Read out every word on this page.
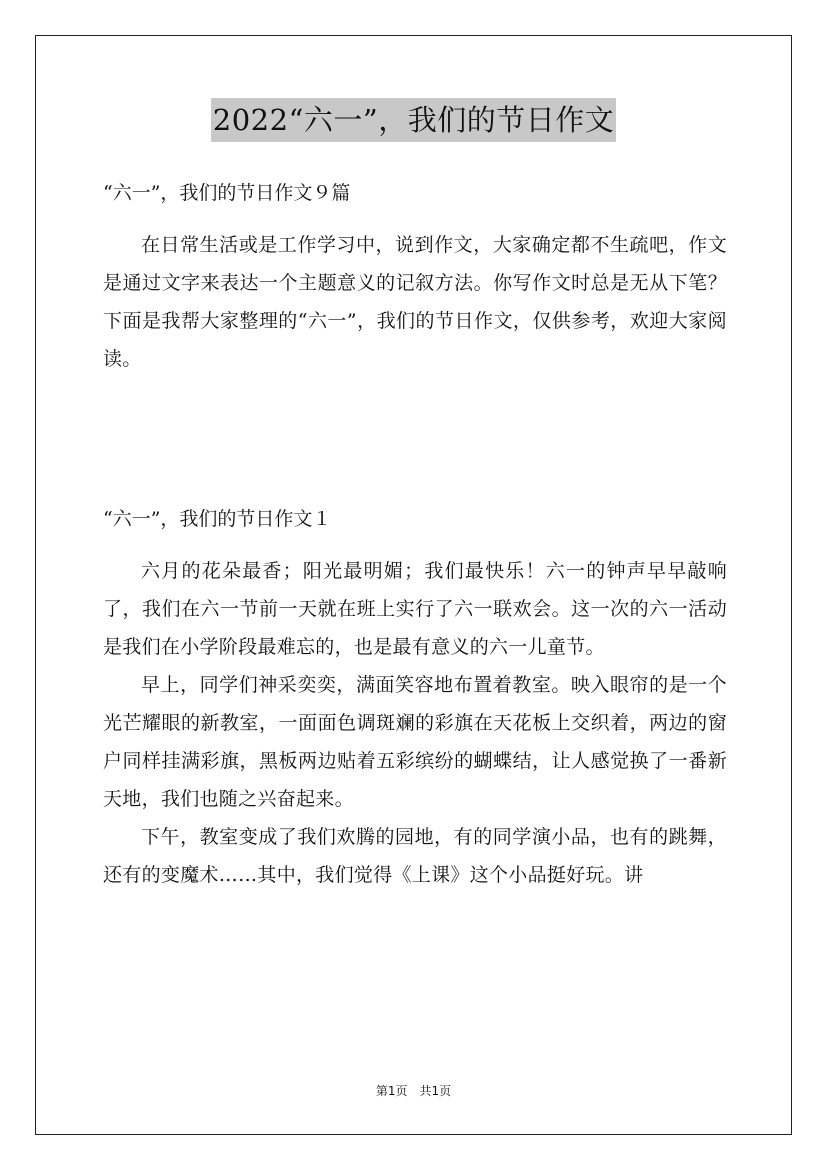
2022“六一”，我们的节日作文
“六一”，我们的节日作文９篇

在日常生活或是工作学习中，说到作文，大家确定都不生疏吧，作文是通过文字来表达一个主题意义的记叙方法。你写作文时总是无从下笔？下面是我帮大家整理的“六一”，我们的节日作文，仅供参考，欢迎大家阅读。

“六一”，我们的节日作文１

六月的花朵最香；阳光最明媚；我们最快乐！六一的钟声早早敲响了，我们在六一节前一天就在班上实行了六一联欢会。这一次的六一活动是我们在小学阶段最难忘的，也是最有意义的六一儿童节。

早上，同学们神采奕奕，满面笑容地布置着教室。映入眼帘的是一个光芒耀眼的新教室，一面面色调斑斓的彩旗在天花板上交织着，两边的窗户同样挂满彩旗，黑板两边贴着五彩缤纷的蝴蝶结，让人感觉换了一番新天地，我们也随之兴奋起来。

下午，教室变成了我们欢腾的园地，有的同学演小品，也有的跳舞，还有的变魔术……其中，我们觉得《上课》这个小品挺好玩。讲

第1页　共1页
